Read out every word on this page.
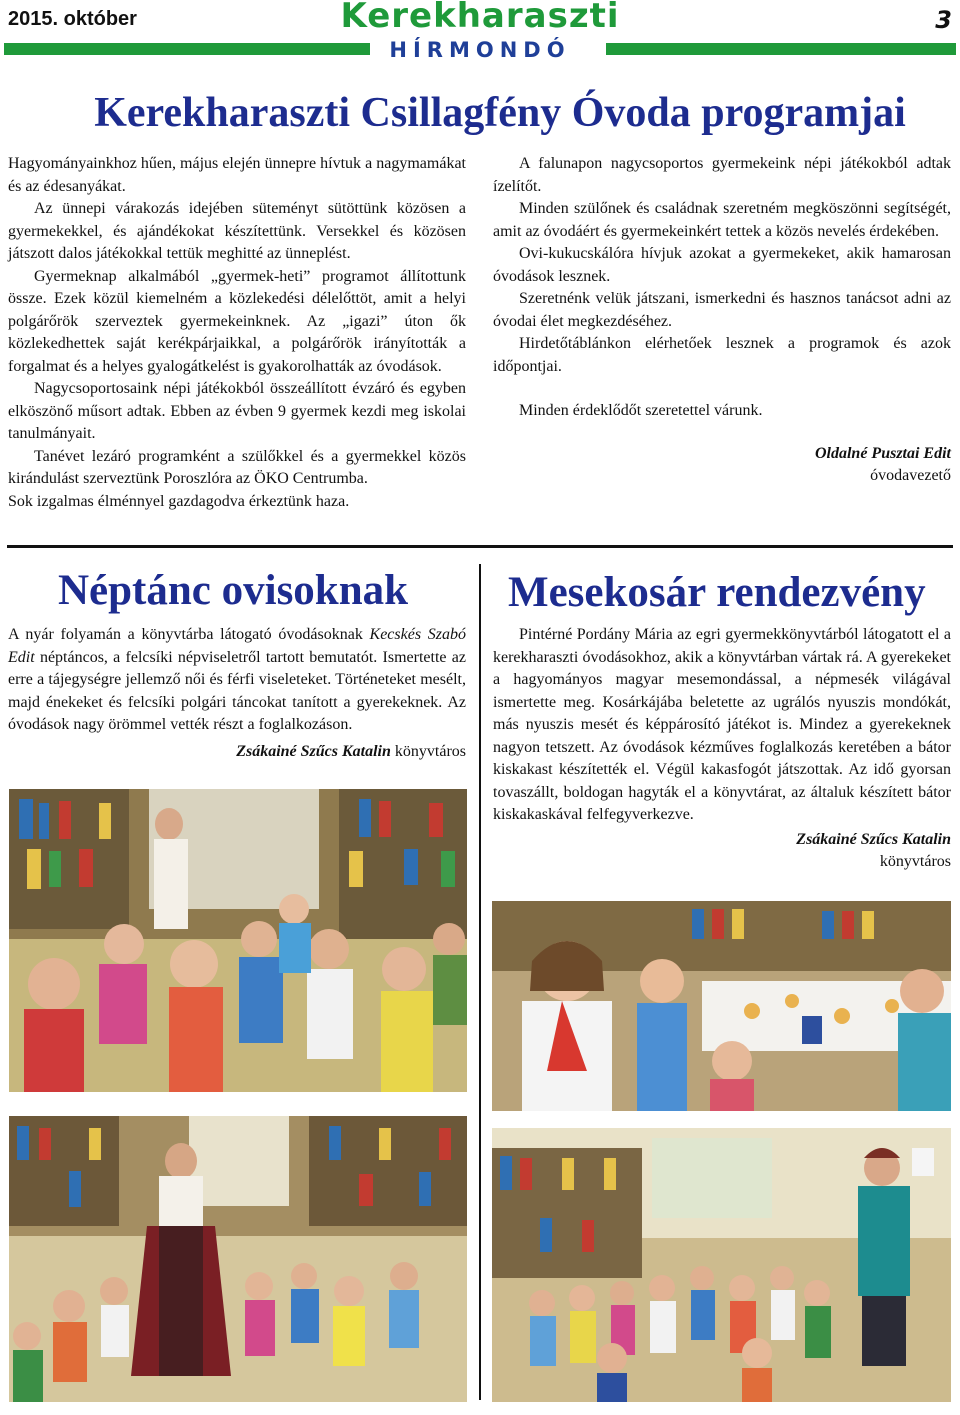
2015. október	Kerekharaszti
HÍRMONDÓ
3
Kerekharaszti Csillagfény Óvoda programjai

Hagyományainkhoz hűen, május elején ünnepre hívtuk a nagymamákat és az édesanyákat.

Az ünnepi várakozás idejében süteményt sütöttünk közösen a gyermekekkel, és ajándékokat készítettünk. Versekkel és közösen játszott dalos játékokkal tettük meghitté az ünneplést.

Gyermeknap alkalmából „gyermek-heti” programot állítottunk össze. Ezek közül kiemelném a közlekedési délelőttöt, amit a helyi polgárőrök szerveztek gyermekeinknek. Az „igazi” úton ők közlekedhettek saját kerékpárjaikkal, a polgárőrök irányították a forgalmat és a helyes gyalogátkelést is gyakorolhatták az óvodások.

Nagycsoportosaink népi játékokból összeállított évzáró és egyben elköszönő műsort adtak. Ebben az évben 9 gyermek kezdi meg iskolai tanulmányait.

Tanévet lezáró programként a szülőkkel és a gyermekkel közös kirándulást szerveztünk Poroszlóra az ÖKO Centrumba.

Sok izgalmas élménnyel gazdagodva érkeztünk haza.

A falunapon nagycsoportos gyermekeink népi játékokból adtak ízelítőt.

Minden szülőnek és családnak szeretném megköszönni segítségét, amit az óvodáért és gyermekeinkért tettek a közös nevelés érdekében.

Ovi-kukucskálóra hívjuk azokat a gyermekeket, akik hamarosan óvodások lesznek.

Szeretnénk velük játszani, ismerkedni és hasznos tanácsot adni az óvodai élet megkezdéséhez.

Hirdetőtáblánkon elérhetőek lesznek a programok és azok időpontjai.

Minden érdeklődőt szeretettel várunk.

Oldalné Pusztai Edit

óvodavezető

Néptánc ovisoknak

A nyár folyamán a könyvtárba látogató óvodásoknak Kecskés Szabó Edit néptáncos, a felcsíki népviseletről tartott bemutatót. Ismertette az erre a tájegységre jellemző női és férfi viseleteket. Történeteket mesélt, majd énekeket és felcsíki polgári táncokat tanított a gyerekeknek. Az óvodások nagy örömmel vették részt a foglalkozáson.

Zsákainé Szűcs Katalin könyvtáros

Mesekosár rendezvény

Pintérné Pordány Mária az egri gyermekkönyvtárból látogatott el a kerekharaszti óvodásokhoz, akik a könyvtárban vártak rá. A gyerekeket a hagyományos magyar mesemondással, a népmesék világával ismertette meg. Kosárkájába beletette az ugrálós nyuszis mondókát, más nyuszis mesét és képpárosító játékot is. Mindez a gyerekeknek nagyon tetszett. Az óvodások kézműves foglalkozás keretében a bátor kiskakast készítették el. Végül kakasfogót játszottak. Az idő gyorsan tovaszállt, boldogan hagyták el a könyvtárat, az általuk készített bátor kiskakaskával felfegyverkezve.

Zsákainé Szűcs Katalin

könyvtáros
